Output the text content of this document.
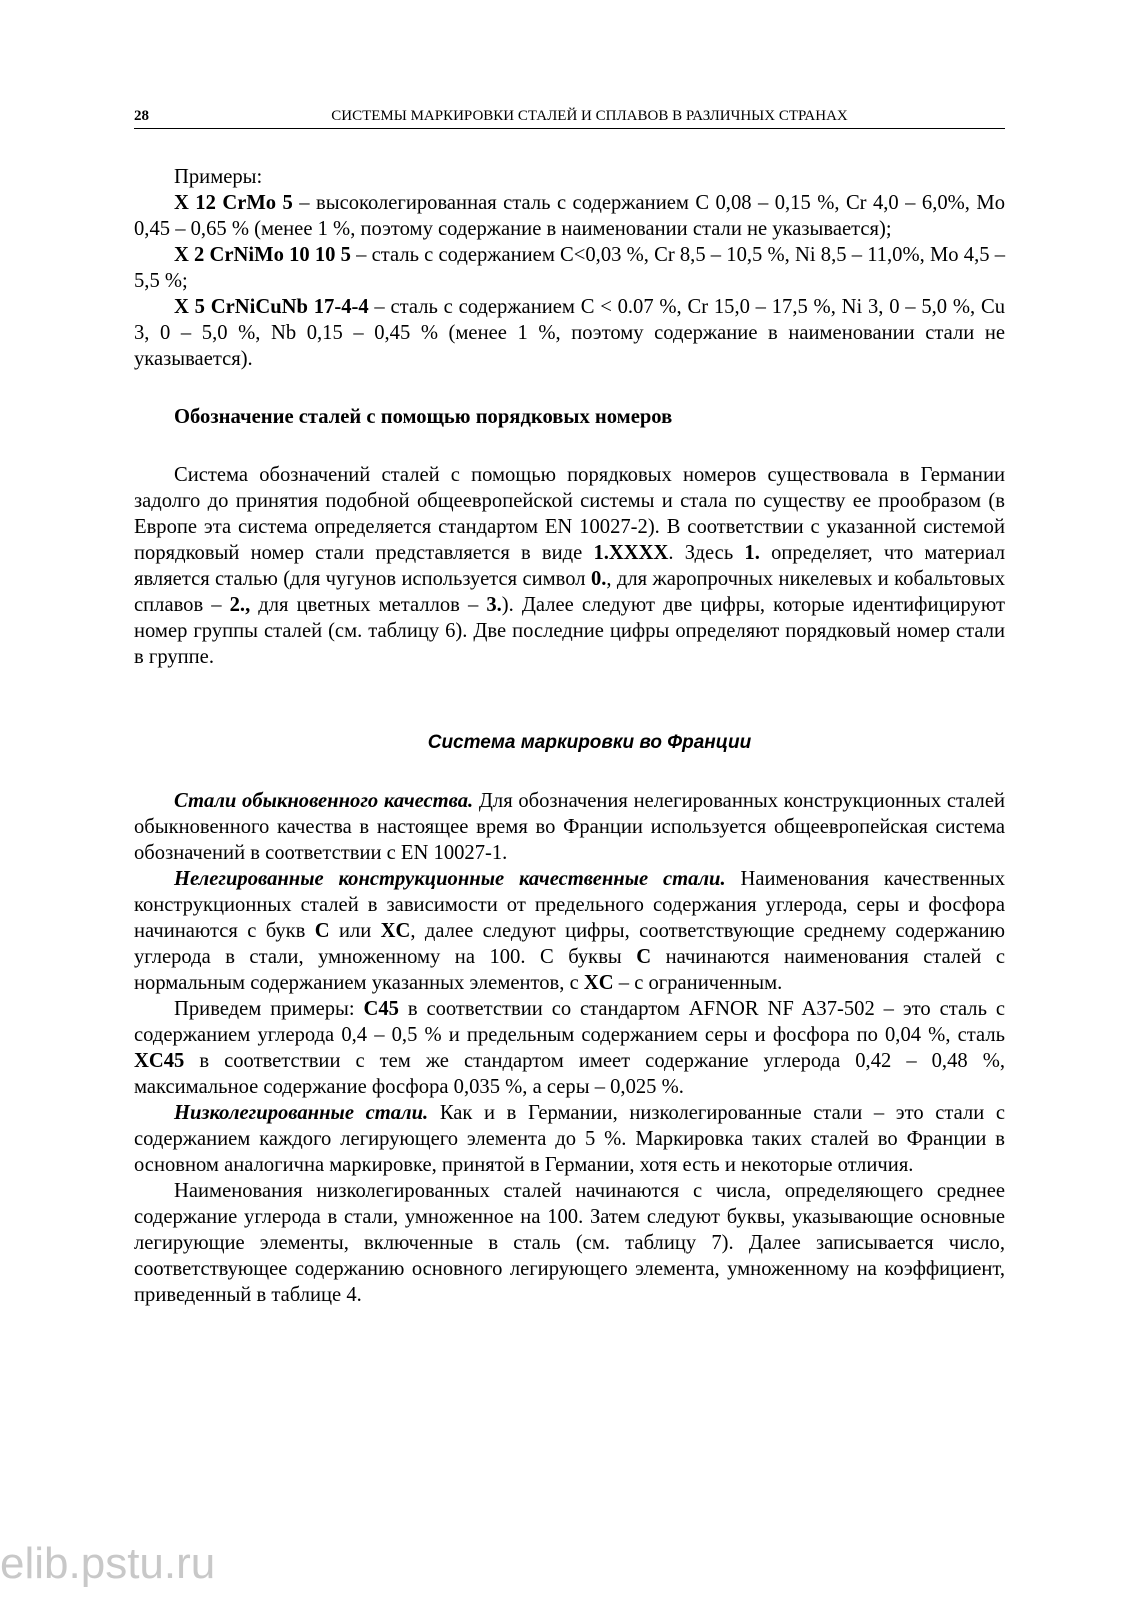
28	СИСТЕМЫ МАРКИРОВКИ СТАЛЕЙ И СПЛАВОВ В РАЗЛИЧНЫХ СТРАНАХ

Примеры:

X 12 CrMo 5 – высоколегированная сталь с содержанием C 0,08 – 0,15 %, Cr 4,0 – 6,0%, Mo 0,45 – 0,65 % (менее 1 %, поэтому содержание в наименовании стали не указывается);

X 2 CrNiMo 10 10 5 – сталь с содержанием C<0,03 %, Cr 8,5 – 10,5 %, Ni 8,5 – 11,0%, Mo 4,5 – 5,5 %;

X 5 CrNiCuNb 17-4-4 – сталь с содержанием C < 0.07 %, Cr 15,0 – 17,5 %, Ni 3, 0 – 5,0 %, Cu 3, 0 – 5,0 %, Nb 0,15 – 0,45 % (менее 1 %, поэтому содержание в наименовании стали не указывается).

Обозначение сталей с помощью порядковых номеров

Система обозначений сталей с помощью порядковых номеров существовала в Германии задолго до принятия подобной общеевропейской системы и стала по существу ее прообразом (в Европе эта система определяется стандартом EN 10027-2). В соответствии с указанной системой порядковый номер стали представляется в виде 1.XXXX. Здесь 1. определяет, что материал является сталью (для чугунов используется символ 0., для жаропрочных никелевых и кобальтовых сплавов – 2., для цветных металлов – 3.). Далее следуют две цифры, которые идентифицируют номер группы сталей (см. таблицу 6). Две последние цифры определяют порядковый номер стали в группе.

Система маркировки во Франции

Стали обыкновенного качества. Для обозначения нелегированных конструкционных сталей обыкновенного качества в настоящее время во Франции используется общеевропейская система обозначений в соответствии с EN 10027-1.

Нелегированные конструкционные качественные стали. Наименования качественных конструкционных сталей в зависимости от предельного содержания углерода, серы и фосфора начинаются с букв C или XC, далее следуют цифры, соответствующие среднему содержанию углерода в стали, умноженному на 100. С буквы C начинаются наименования сталей с нормальным содержанием указанных элементов, с XC – с ограниченным.

Приведем примеры: C45 в соответствии со стандартом AFNOR NF A37-502 – это сталь с содержанием углерода 0,4 – 0,5 % и предельным содержанием серы и фосфора по 0,04 %, сталь XC45 в соответствии с тем же стандартом имеет содержание углерода 0,42 – 0,48 %, максимальное содержание фосфора 0,035 %, а серы – 0,025 %.

Низколегированные стали. Как и в Германии, низколегированные стали – это стали с содержанием каждого легирующего элемента до 5 %. Маркировка таких сталей во Франции в основном аналогична маркировке, принятой в Германии, хотя есть и некоторые отличия.

Наименования низколегированных сталей начинаются с числа, определяющего среднее содержание углерода в стали, умноженное на 100. Затем следуют буквы, указывающие основные легирующие элементы, включенные в сталь (см. таблицу 7). Далее записывается число, соответствующее содержанию основного легирующего элемента, умноженному на коэффициент, приведенный в таблице 4.

elib.pstu.ru
